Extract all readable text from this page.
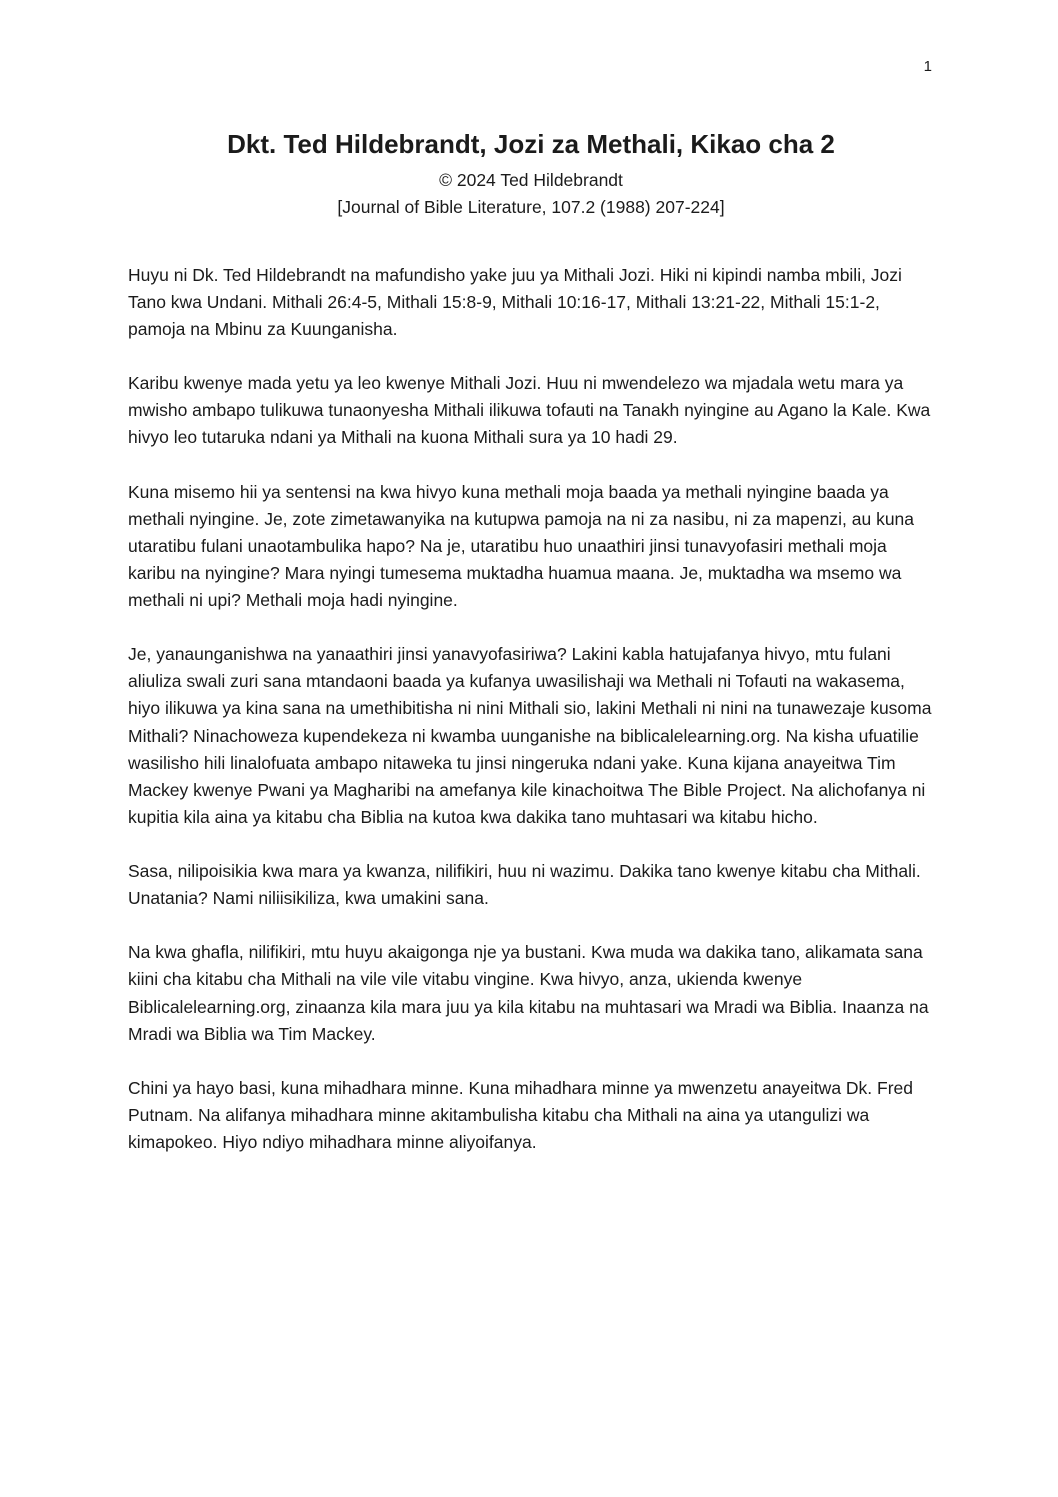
1
Dkt. Ted Hildebrandt, Jozi za Methali, Kikao cha 2

© 2024 Ted Hildebrandt

[Journal of Bible Literature, 107.2 (1988) 207-224]

Huyu ni Dk. Ted Hildebrandt na mafundisho yake juu ya Mithali Jozi. Hiki ni kipindi namba mbili, Jozi Tano kwa Undani. Mithali 26:4-5, Mithali 15:8-9, Mithali 10:16-17, Mithali 13:21-22, Mithali 15:1-2, pamoja na Mbinu za Kuunganisha.

Karibu kwenye mada yetu ya leo kwenye Mithali Jozi. Huu ni mwendelezo wa mjadala wetu mara ya mwisho ambapo tulikuwa tunaonyesha Mithali ilikuwa tofauti na Tanakh nyingine au Agano la Kale. Kwa hivyo leo tutaruka ndani ya Mithali na kuona Mithali sura ya 10 hadi 29.

Kuna misemo hii ya sentensi na kwa hivyo kuna methali moja baada ya methali nyingine baada ya methali nyingine. Je, zote zimetawanyika na kutupwa pamoja na ni za nasibu, ni za mapenzi, au kuna utaratibu fulani unaotambulika hapo? Na je, utaratibu huo unaathiri jinsi tunavyofasiri methali moja karibu na nyingine? Mara nyingi tumesema muktadha huamua maana. Je, muktadha wa msemo wa methali ni upi? Methali moja hadi nyingine.

Je, yanaunganishwa na yanaathiri jinsi yanavyofasiriwa? Lakini kabla hatujafanya hivyo, mtu fulani aliuliza swali zuri sana mtandaoni baada ya kufanya uwasilishaji wa Methali ni Tofauti na wakasema, hiyo ilikuwa ya kina sana na umethibitisha ni nini Mithali sio, lakini Methali ni nini na tunawezaje kusoma Mithali? Ninachoweza kupendekeza ni kwamba uunganishe na biblicalelearning.org. Na kisha ufuatilie wasilisho hili linalofuata ambapo nitaweka tu jinsi ningeruka ndani yake. Kuna kijana anayeitwa Tim Mackey kwenye Pwani ya Magharibi na amefanya kile kinachoitwa The Bible Project. Na alichofanya ni kupitia kila aina ya kitabu cha Biblia na kutoa kwa dakika tano muhtasari wa kitabu hicho.

Sasa, nilipoisikia kwa mara ya kwanza, nilifikiri, huu ni wazimu. Dakika tano kwenye kitabu cha Mithali. Unatania? Nami niliisikiliza, kwa umakini sana.

Na kwa ghafla, nilifikiri, mtu huyu akaigonga nje ya bustani. Kwa muda wa dakika tano, alikamata sana kiini cha kitabu cha Mithali na vile vile vitabu vingine. Kwa hivyo, anza, ukienda kwenye Biblicalelearning.org, zinaanza kila mara juu ya kila kitabu na muhtasari wa Mradi wa Biblia. Inaanza na Mradi wa Biblia wa Tim Mackey.

Chini ya hayo basi, kuna mihadhara minne. Kuna mihadhara minne ya mwenzetu anayeitwa Dk. Fred Putnam. Na alifanya mihadhara minne akitambulisha kitabu cha Mithali na aina ya utangulizi wa kimapokeo. Hiyo ndiyo mihadhara minne aliyoifanya.
